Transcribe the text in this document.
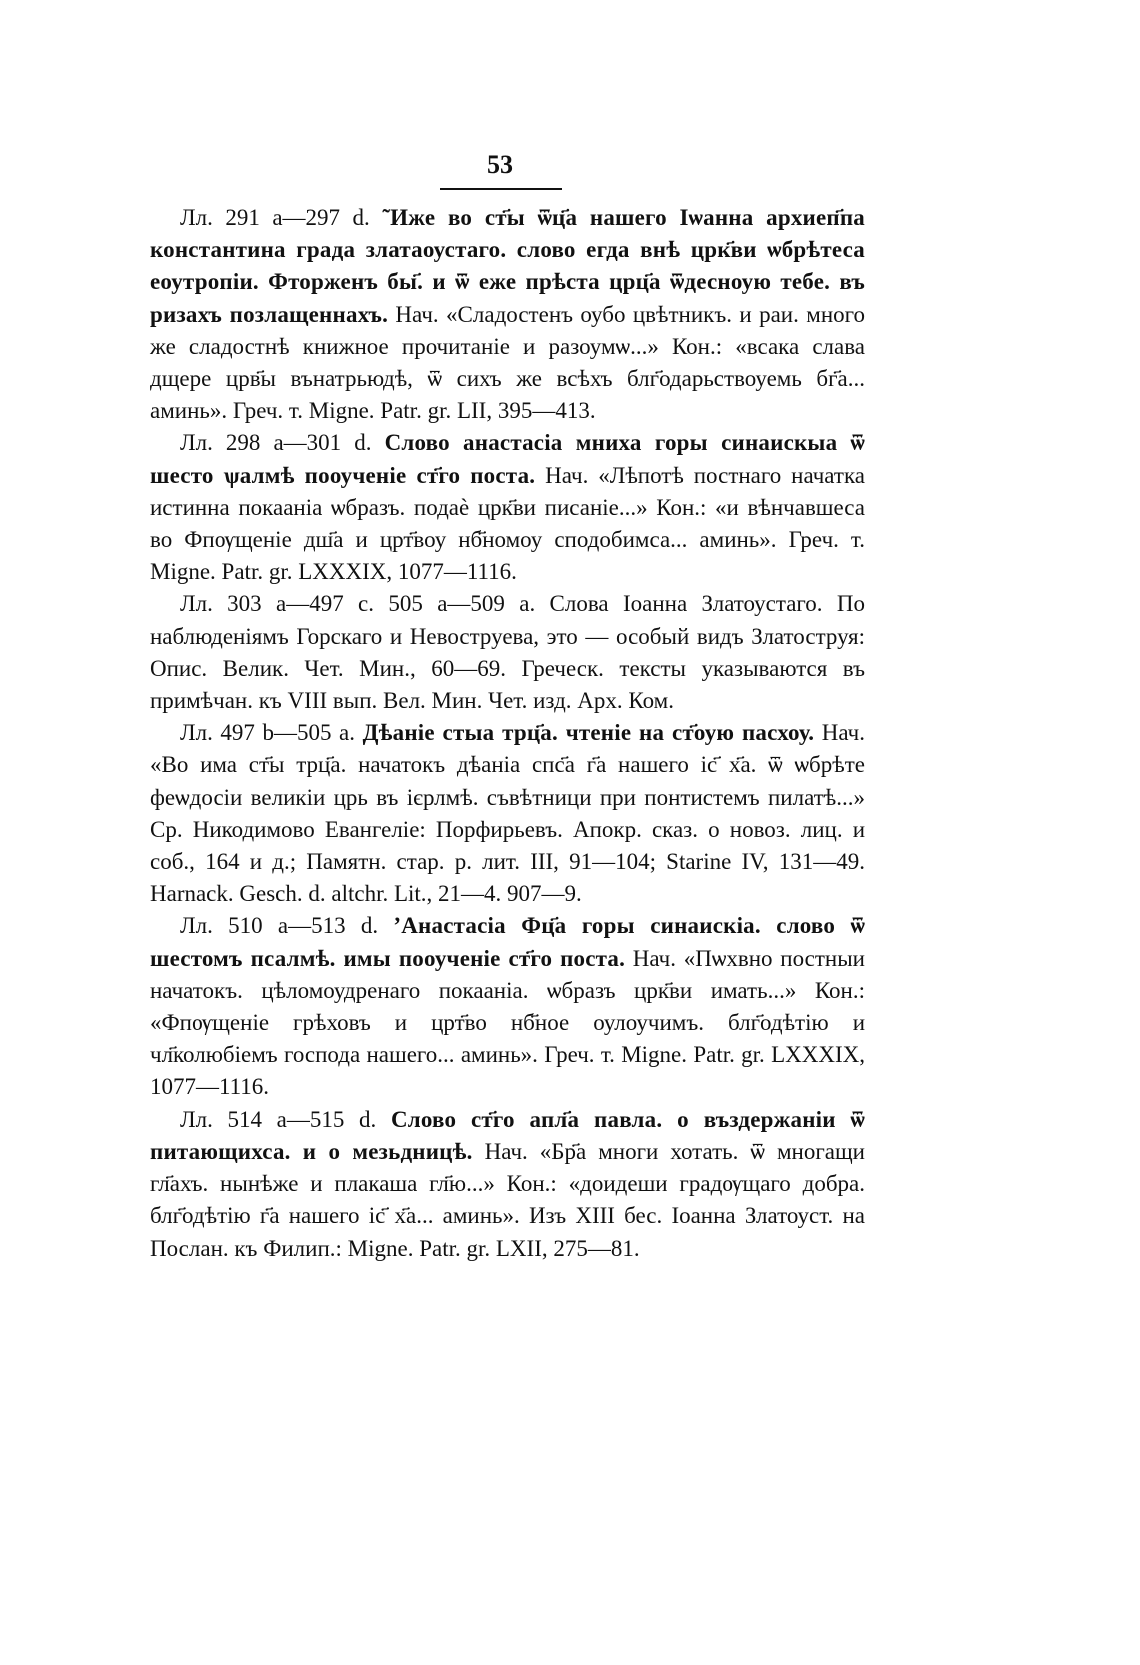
53

Лл. 291 a—297 d. ῀Иже во ст҃ы ѿц҃а нашего Іѡанна архиеп҃па константина града златаоустаго. слово егда внѣ црк҃ви ѡбрѣтеса еоутропіи. Фторженъ бы҃. и ѿ еже прѣста црц҃а ѿдесноую тебе. въ ризахъ позлащеннахъ. Нач. «Сладостенъ оубо цвѣтникъ. и раи. много же сладостнѣ книжное прочитаніе и разоумѡ...» Кон.: «всака слава дщере црв҃ы вънатрьюдѣ, ѿ сихъ же всѣхъ блг҃одарьствоуемь бг҃а... аминь». Греч. т. Migne. Patr. gr. LII, 395—413.

Лл. 298 a—301 d. Слово анастасіа мниха горы синаискыа ѿ шесто ѱалмѣ пооученіе ст҃го поста. Нач. «Лѣпотѣ постнаго начатка истинна покааніа ѡбразъ. подаѐ црк҃ви писаніе...» Кон.: «и вѣнчавшеса во Фпѹщеніе дш҃а и црт҃воу нб҃номоу сподобимса... аминь». Греч. т. Migne. Patr. gr. LXXXIX, 1077—1116.

Лл. 303 a—497 c. 505 a—509 a. Слова Іоанна Златоустаго. По наблюденіямъ Горскаго и Невоструева, это — особый видъ Златоструя: Опис. Велик. Чет. Мин., 60—69. Греческ. тексты указываются въ примѣчан. къ VIII вып. Вел. Мин. Чет. изд. Арх. Ком.

Лл. 497 b—505 a. Дѣаніе стыа трц҃а. чтеніе на ст҃оую пасхоу. Нач. «Во има ст҃ы трц҃а. начатокъ дѣаніа спс҃а г҃а нашего іс҃ х҃а. ѿ ѡбрѣте феѡдосіи великіи црь въ ієрлмѣ. съвѣтници при понтистемъ пилатѣ...» Ср. Никодимово Евангеліе: Порфирьевъ. Апокр. сказ. о новоз. лиц. и соб., 164 и д.; Памятн. стар. р. лит. III, 91—104; Starine IV, 131—49. Harnack. Gesch. d. altchr. Lit., 21—4. 907—9.

Лл. 510 a—513 d. ’Анастасіа Фц҃а горы синаискіа. слово ѿ шестомъ псалмѣ. имы пооученіе ст҃го поста. Нач. «Пѡхвно постныи начатокъ. цѣломоудренаго покааніа. ѡбразъ црк҃ви имать...» Кон.: «Фпѹщеніе грѣховъ и црт҃во нб҃ное оулоучимъ. блг҃одѣтію и чл҃колюбіемъ господа нашего... аминь». Греч. т. Migne. Patr. gr. LXXXIX, 1077—1116.

Лл. 514 a—515 d. Слово ст҃го апл҃а павла. о въздержаніи ѿ питающихса. и о мезьдницѣ. Нач. «Бр҃а многи хотать. ѿ многащи гл҃ахъ. нынѣже и плакаша гл҃ю...» Кон.: «доидеши градѹщаго добра. блг҃одѣтію г҃а нашего іс҃ х҃а... аминь». Изъ XIII бес. Іоанна Златоуст. на Послан. къ Филип.: Migne. Patr. gr. LXII, 275—81.
